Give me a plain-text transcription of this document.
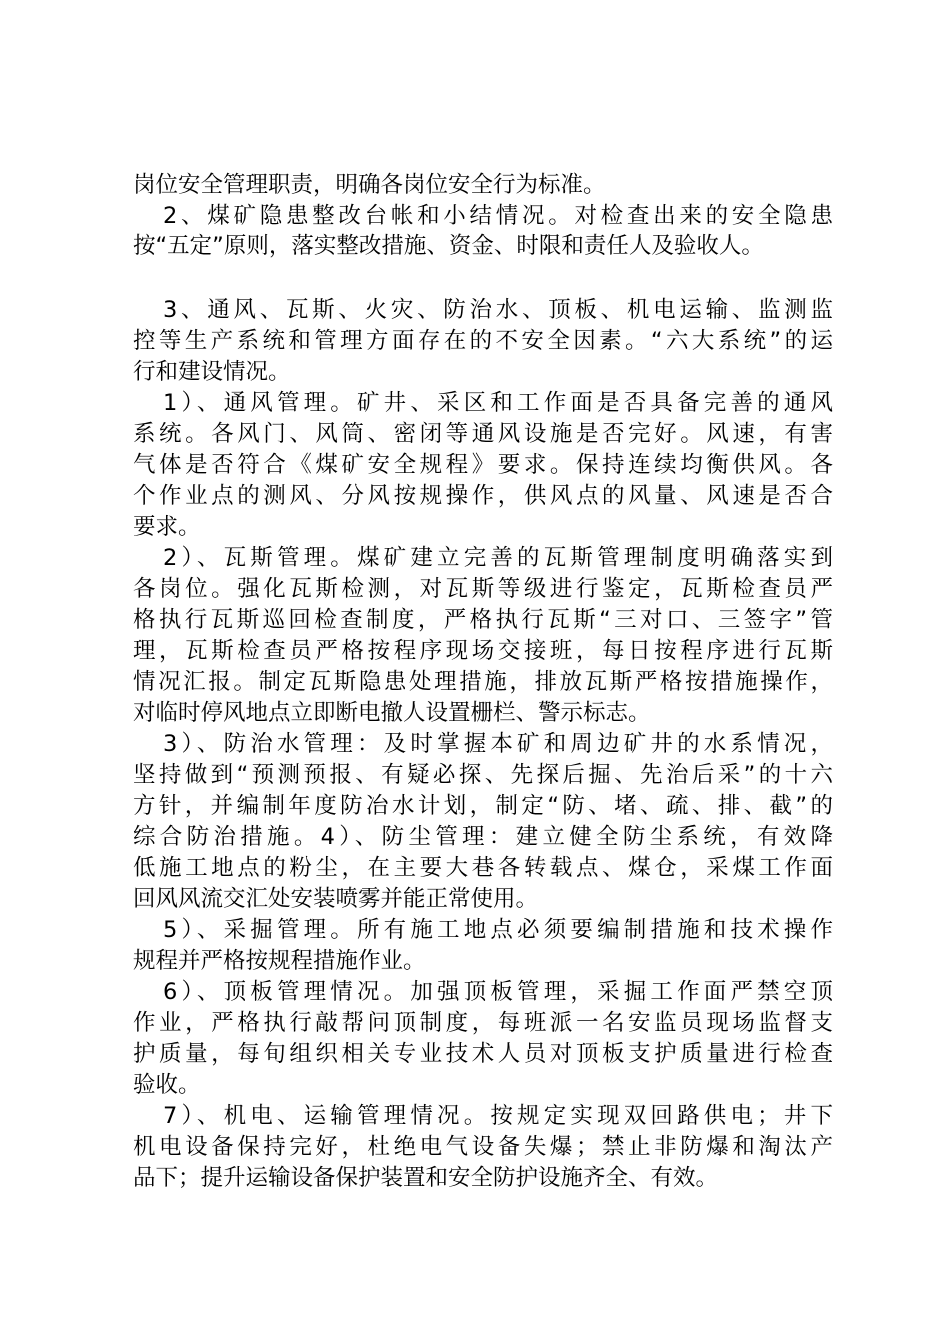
岗位安全管理职责，明确各岗位安全行为标准。
2、煤矿隐患整改台帐和小结情况。对检查出来的安全隐患
按“五定”原则，落实整改措施、资金、时限和责任人及验收人。
3、通风、瓦斯、火灾、防治水、顶板、机电运输、监测监
控等生产系统和管理方面存在的不安全因素。“六大系统”的运
行和建设情况。
1）、通风管理。矿井、采区和工作面是否具备完善的通风
系统。各风门、风筒、密闭等通风设施是否完好。风速，有害
气体是否符合《煤矿安全规程》要求。保持连续均衡供风。各
个作业点的测风、分风按规操作，供风点的风量、风速是否合
要求。
2）、瓦斯管理。煤矿建立完善的瓦斯管理制度明确落实到
各岗位。强化瓦斯检测，对瓦斯等级进行鉴定，瓦斯检查员严
格执行瓦斯巡回检查制度，严格执行瓦斯“三对口、三签字”管
理，瓦斯检查员严格按程序现场交接班，每日按程序进行瓦斯
情况汇报。制定瓦斯隐患处理措施，排放瓦斯严格按措施操作，
对临时停风地点立即断电撤人设置栅栏、警示标志。
3）、防治水管理：及时掌握本矿和周边矿井的水系情况，
坚持做到“预测预报、有疑必探、先探后掘、先治后采”的十六
方针，并编制年度防冶水计划，制定“防、堵、疏、排、截”的
综合防治措施。4）、防尘管理：建立健全防尘系统，有效降
低施工地点的粉尘，在主要大巷各转载点、煤仓，采煤工作面
回风风流交汇处安装喷雾并能正常使用。
5）、采掘管理。所有施工地点必须要编制措施和技术操作
规程并严格按规程措施作业。
6）、顶板管理情况。加强顶板管理，采掘工作面严禁空顶
作业，严格执行敲帮问顶制度，每班派一名安监员现场监督支
护质量，每旬组织相关专业技术人员对顶板支护质量进行检查
验收。
7）、机电、运输管理情况。按规定实现双回路供电；井下
机电设备保持完好，杜绝电气设备失爆；禁止非防爆和淘汰产
品下；提升运输设备保护装置和安全防护设施齐全、有效。
